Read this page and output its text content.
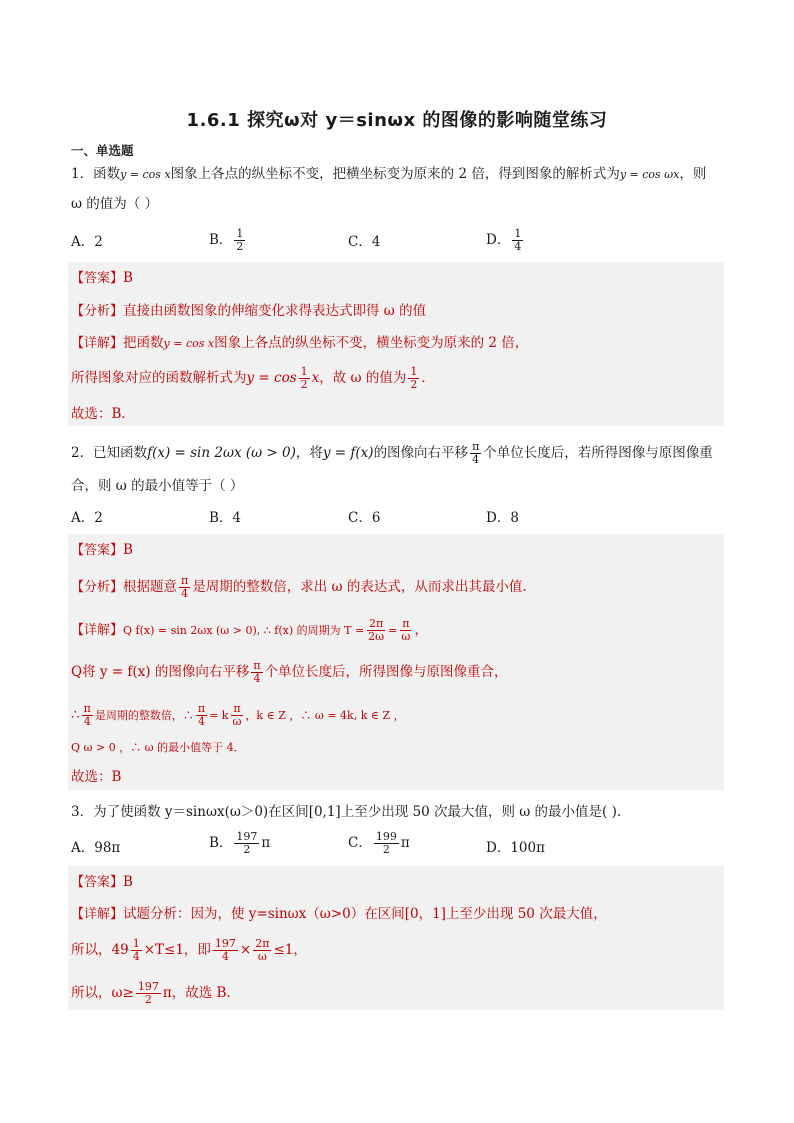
1.6.1 探究ω对 y＝sinωx 的图像的影响随堂练习
一、单选题
1．函数y = cos x图象上各点的纵坐标不变，把横坐标变为原来的 2 倍，得到图象的解析式为y = cos ωx，则
ω 的值为（ ）
A．2	B． $\frac{1}{2}$	C．4	D． $\frac{1}{4}$
【答案】B
【分析】直接由函数图象的伸缩变化求得表达式即得 ω 的值
【详解】把函数y = cos x图象上各点的纵坐标不变，横坐标变为原来的 2 倍，
所得图象对应的函数解析式为$y = \cos \frac{1}{2}$ x，故 ω 的值为 $\frac{1}{2}$ ．
故选：B．
2．已知函数f(x) = sin 2ωx (ω > 0)，将y = f(x)的图像向右平移 $\frac{\pi}{4}$ 个单位长度后，若所得图像与原图像重
合，则 ω 的最小值等于（ ）
A．2	B．4	C．6	D．8
【答案】B
【分析】根据题意 $\frac{\pi}{4}$ 是周期的整数倍，求出 ω 的表达式，从而求出其最小值.
【详解】Q f(x) = sin 2ωx (ω > 0), ∴ f(x) 的周期为 $T = \frac{2\pi}{2\omega} = \frac{\pi}{\omega}$ ，
Q将 y = f(x) 的图像向右平移 $\frac{\pi}{4}$ 个单位长度后，所得图像与原图像重合，
∴ $\frac{\pi}{4}$ 是周期的整数倍，∴ $\frac{\pi}{4} = k \frac{\pi}{\omega}$ ，k ∈ Z ，∴ ω = 4k, k ∈ Z ，
Q ω > 0 ，∴ ω 的最小值等于 4．
故选：B
3．为了使函数 y＝sinωx(ω＞0)在区间[0,1]上至少出现 50 次最大值，则 ω 的最小值是( ).
A．98π	B． $\frac{197}{2}$ π	C． $\frac{199}{2}$ π	D．100π
【答案】B
【详解】试题分析：因为，使 y=sinωx（ω>0）在区间[0，1]上至少出现 50 次最大值，
所以，$49 \frac{1}{4} \times T\le 1$，即 $\frac{197}{4} \times \frac{2\pi}{\omega} \le 1$，
所以，$\omega\ge \frac{197}{2}$ π，故选 B．
